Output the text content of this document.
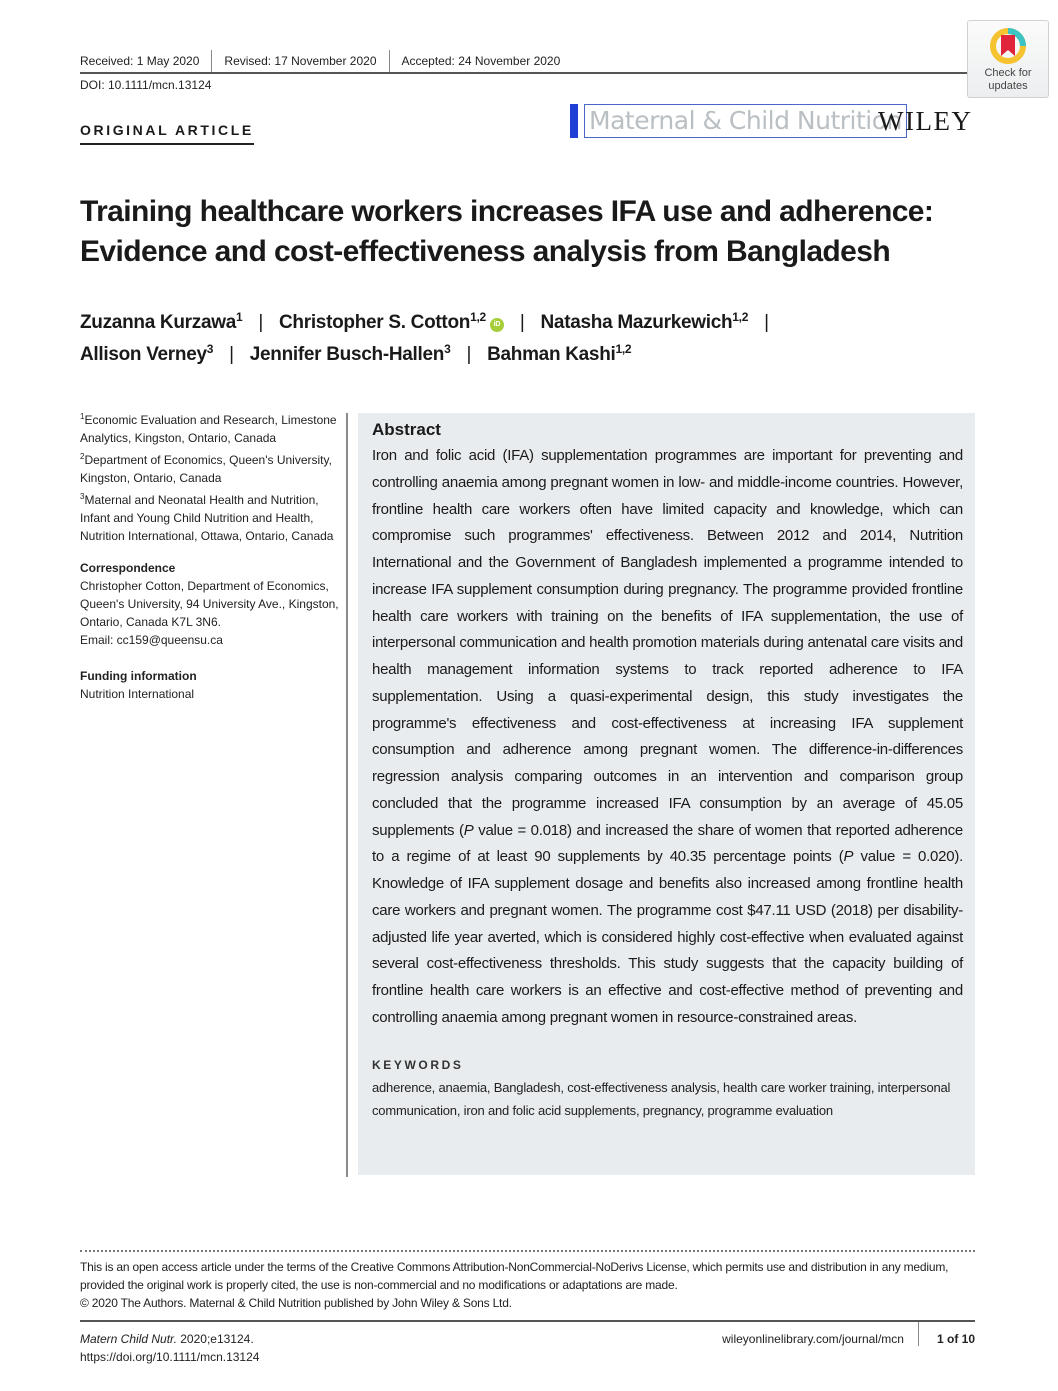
Received: 1 May 2020	Revised: 17 November 2020	Accepted: 24 November 2020
DOI: 10.1111/mcn.13124
ORIGINAL ARTICLE	Maternal & Child Nutrition
WILEY
Check for
updates
Training healthcare workers increases IFA use and adherence: Evidence and cost-effectiveness analysis from Bangladesh
Zuzanna Kurzawa$^1$ | Christopher S. Cotton$^{1,2}$iD | Natasha Mazurkewich$^{1,2}$ |
Allison Verney$^3$ | Jennifer Busch-Hallen$^3$ | Bahman Kashi$^{1,2}$
$^1$Economic Evaluation and Research, Limestone Analytics, Kingston, Ontario, Canada
$^2$Department of Economics, Queen's University, Kingston, Ontario, Canada
$^3$Maternal and Neonatal Health and Nutrition, Infant and Young Child Nutrition and Health, Nutrition International, Ottawa, Ontario, Canada
Correspondence
Christopher Cotton, Department of Economics, Queen's University, 94 University Ave., Kingston, Ontario, Canada K7L 3N6.
Email: cc159@queensu.ca
Funding information
Nutrition International
Abstract

Iron and folic acid (IFA) supplementation programmes are important for preventing and controlling anaemia among pregnant women in low- and middle-income countries. However, frontline health care workers often have limited capacity and knowledge, which can compromise such programmes' effectiveness. Between 2012 and 2014, Nutrition International and the Government of Bangladesh implemented a programme intended to increase IFA supplement consumption during pregnancy. The programme provided frontline health care workers with training on the benefits of IFA supplementation, the use of interpersonal communication and health promotion materials during antenatal care visits and health management information systems to track reported adherence to IFA supplementation. Using a quasi-experimental design, this study investigates the programme's effectiveness and cost-effectiveness at increasing IFA supplement consumption and adherence among pregnant women. The difference-in-differences regression analysis comparing outcomes in an intervention and comparison group concluded that the programme increased IFA consumption by an average of 45.05 supplements (P value = 0.018) and increased the share of women that reported adherence to a regime of at least 90 supplements by 40.35 percentage points (P value = 0.020). Knowledge of IFA supplement dosage and benefits also increased among frontline health care workers and pregnant women. The programme cost $47.11 USD (2018) per disability-adjusted life year averted, which is considered highly cost-effective when evaluated against several cost-effectiveness thresholds. This study suggests that the capacity building of frontline health care workers is an effective and cost-effective method of preventing and controlling anaemia among pregnant women in resource-constrained areas.

KEYWORDS
adherence, anaemia, Bangladesh, cost-effectiveness analysis, health care worker training, interpersonal communication, iron and folic acid supplements, pregnancy, programme evaluation
This is an open access article under the terms of the Creative Commons Attribution-NonCommercial-NoDerivs License, which permits use and distribution in any medium, provided the original work is properly cited, the use is non-commercial and no modifications or adaptations are made.
© 2020 The Authors. Maternal & Child Nutrition published by John Wiley & Sons Ltd.
Matern Child Nutr. 2020;e13124.
https://doi.org/10.1111/mcn.13124
wileyonlinelibrary.com/journal/mcn	1 of 10
